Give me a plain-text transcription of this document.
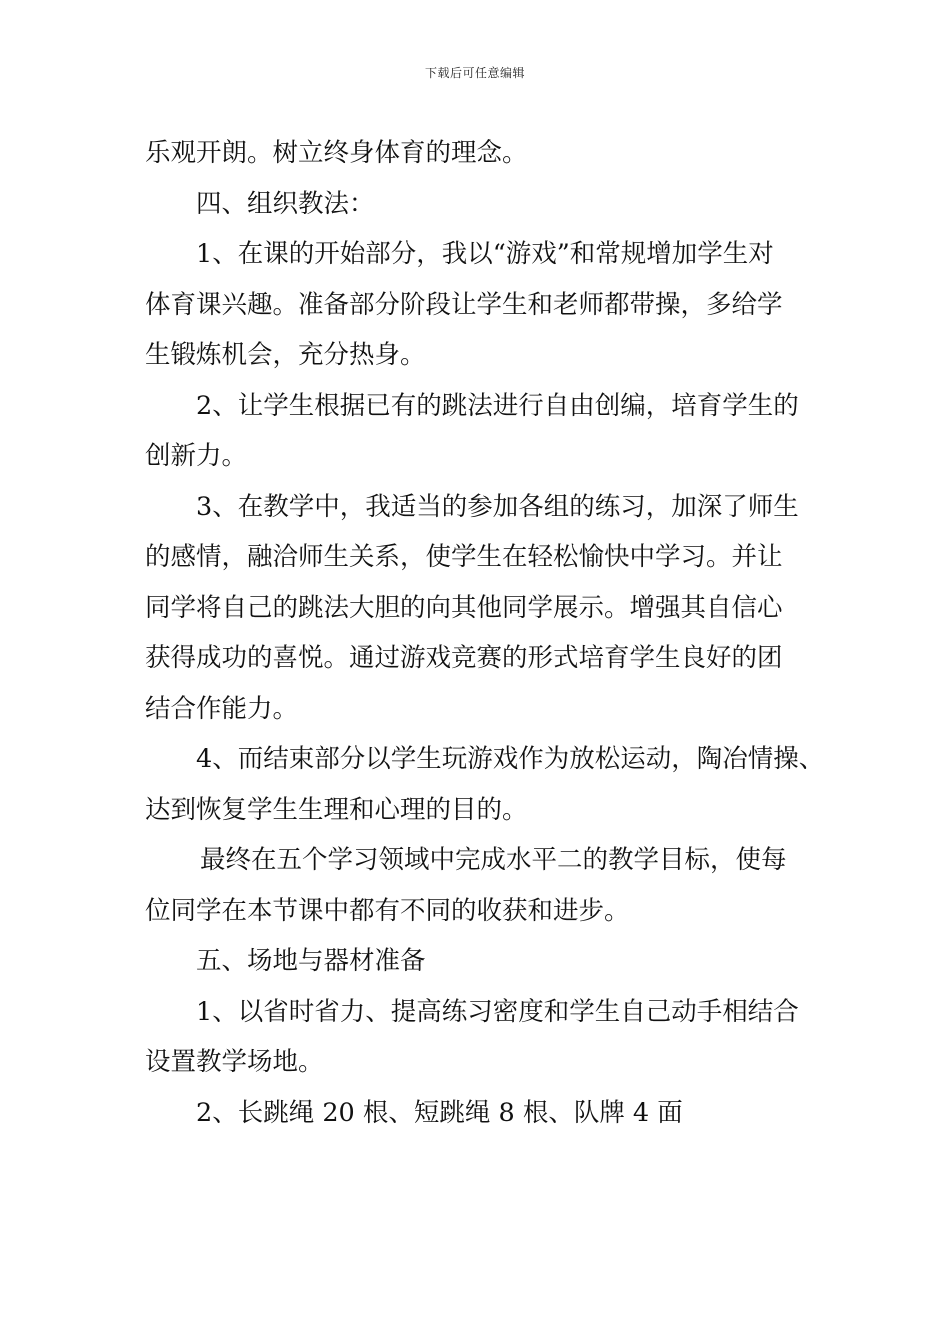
下载后可任意编辑
乐观开朗。树立终身体育的理念。
四、组织教法：
1、在课的开始部分，我以“游戏”和常规增加学生对
体育课兴趣。准备部分阶段让学生和老师都带操，多给学
生锻炼机会，充分热身。
2、让学生根据已有的跳法进行自由创编，培育学生的
创新力。
3、在教学中，我适当的参加各组的练习，加深了师生
的感情，融洽师生关系，使学生在轻松愉快中学习。并让
同学将自己的跳法大胆的向其他同学展示。增强其自信心
获得成功的喜悦。通过游戏竞赛的形式培育学生良好的团
结合作能力。
4、而结束部分以学生玩游戏作为放松运动，陶冶情操、
达到恢复学生生理和心理的目的。
最终在五个学习领域中完成水平二的教学目标，使每
位同学在本节课中都有不同的收获和进步。
五、场地与器材准备
1、以省时省力、提高练习密度和学生自己动手相结合
设置教学场地。
2、长跳绳 20 根、短跳绳 8 根、队牌 4 面
